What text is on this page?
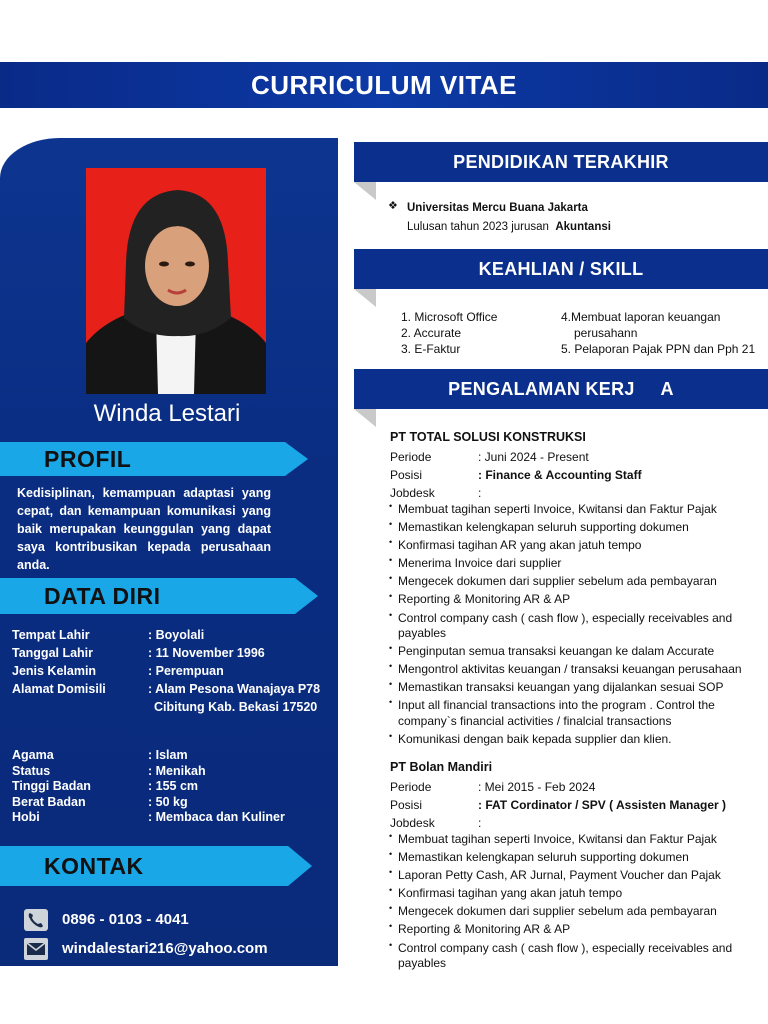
CURRICULUM VITAE
Winda Lestari
PROFIL
Kedisiplinan, kemampuan adaptasi yang cepat, dan kemampuan komunikasi yang baik merupakan keunggulan yang dapat saya kontribusikan kepada perusahaan anda.
DATA DIRI
Tempat Lahir	: Boyolali
Tanggal Lahir	: 11 November 1996
Jenis Kelamin	: Perempuan
Alamat Domisili	: Alam Pesona Wanajaya P78
Cibitung Kab. Bekasi 17520
Agama	: Islam
Status	: Menikah
Tinggi Badan	: 155 cm
Berat Badan	: 50 kg
Hobi	: Membaca dan Kuliner
KONTAK
0896 - 0103 - 4041
windalestari216@yahoo.com
PENDIDIKAN TERAKHIR
❖ Universitas Mercu Buana Jakarta
Lulusan tahun 2023 jurusan Akuntansi
KEAHLIAN / SKILL
1. Microsoft Office
2. Accurate
3. E-Faktur
4.Membuat laporan keuangan
perusahann
5. Pelaporan Pajak PPN dan Pph 21
PENGALAMAN KERJ     A
PT TOTAL SOLUSI KONSTRUKSI
Periode	: Juni 2024 - Present
Posisi	: Finance & Accounting Staff
Jobdesk	:
• Membuat tagihan seperti Invoice, Kwitansi dan Faktur Pajak
• Memastikan kelengkapan seluruh supporting dokumen
• Konfirmasi tagihan AR yang akan jatuh tempo
• Menerima Invoice dari supplier
• Mengecek dokumen dari supplier sebelum ada pembayaran
• Reporting & Monitoring AR & AP
• Control company cash ( cash flow ), especially receivables and payables
• Penginputan semua transaksi keuangan ke dalam Accurate
• Mengontrol aktivitas keuangan / transaksi keuangan perusahaan
• Memastikan transaksi keuangan yang dijalankan sesuai SOP
• Input all financial transactions into the program . Control the company`s financial activities / finalcial transactions
• Komunikasi dengan baik kepada supplier dan klien.
PT Bolan Mandiri
Periode	: Mei 2015 - Feb 2024
Posisi	: FAT Cordinator / SPV ( Assisten Manager )
Jobdesk	:
• Membuat tagihan seperti Invoice, Kwitansi dan Faktur Pajak
• Memastikan kelengkapan seluruh supporting dokumen
• Laporan Petty Cash, AR Jurnal, Payment Voucher dan Pajak
• Konfirmasi tagihan yang akan jatuh tempo
• Mengecek dokumen dari supplier sebelum ada pembayaran
• Reporting & Monitoring AR & AP
• Control company cash ( cash flow ), especially receivables and payables
